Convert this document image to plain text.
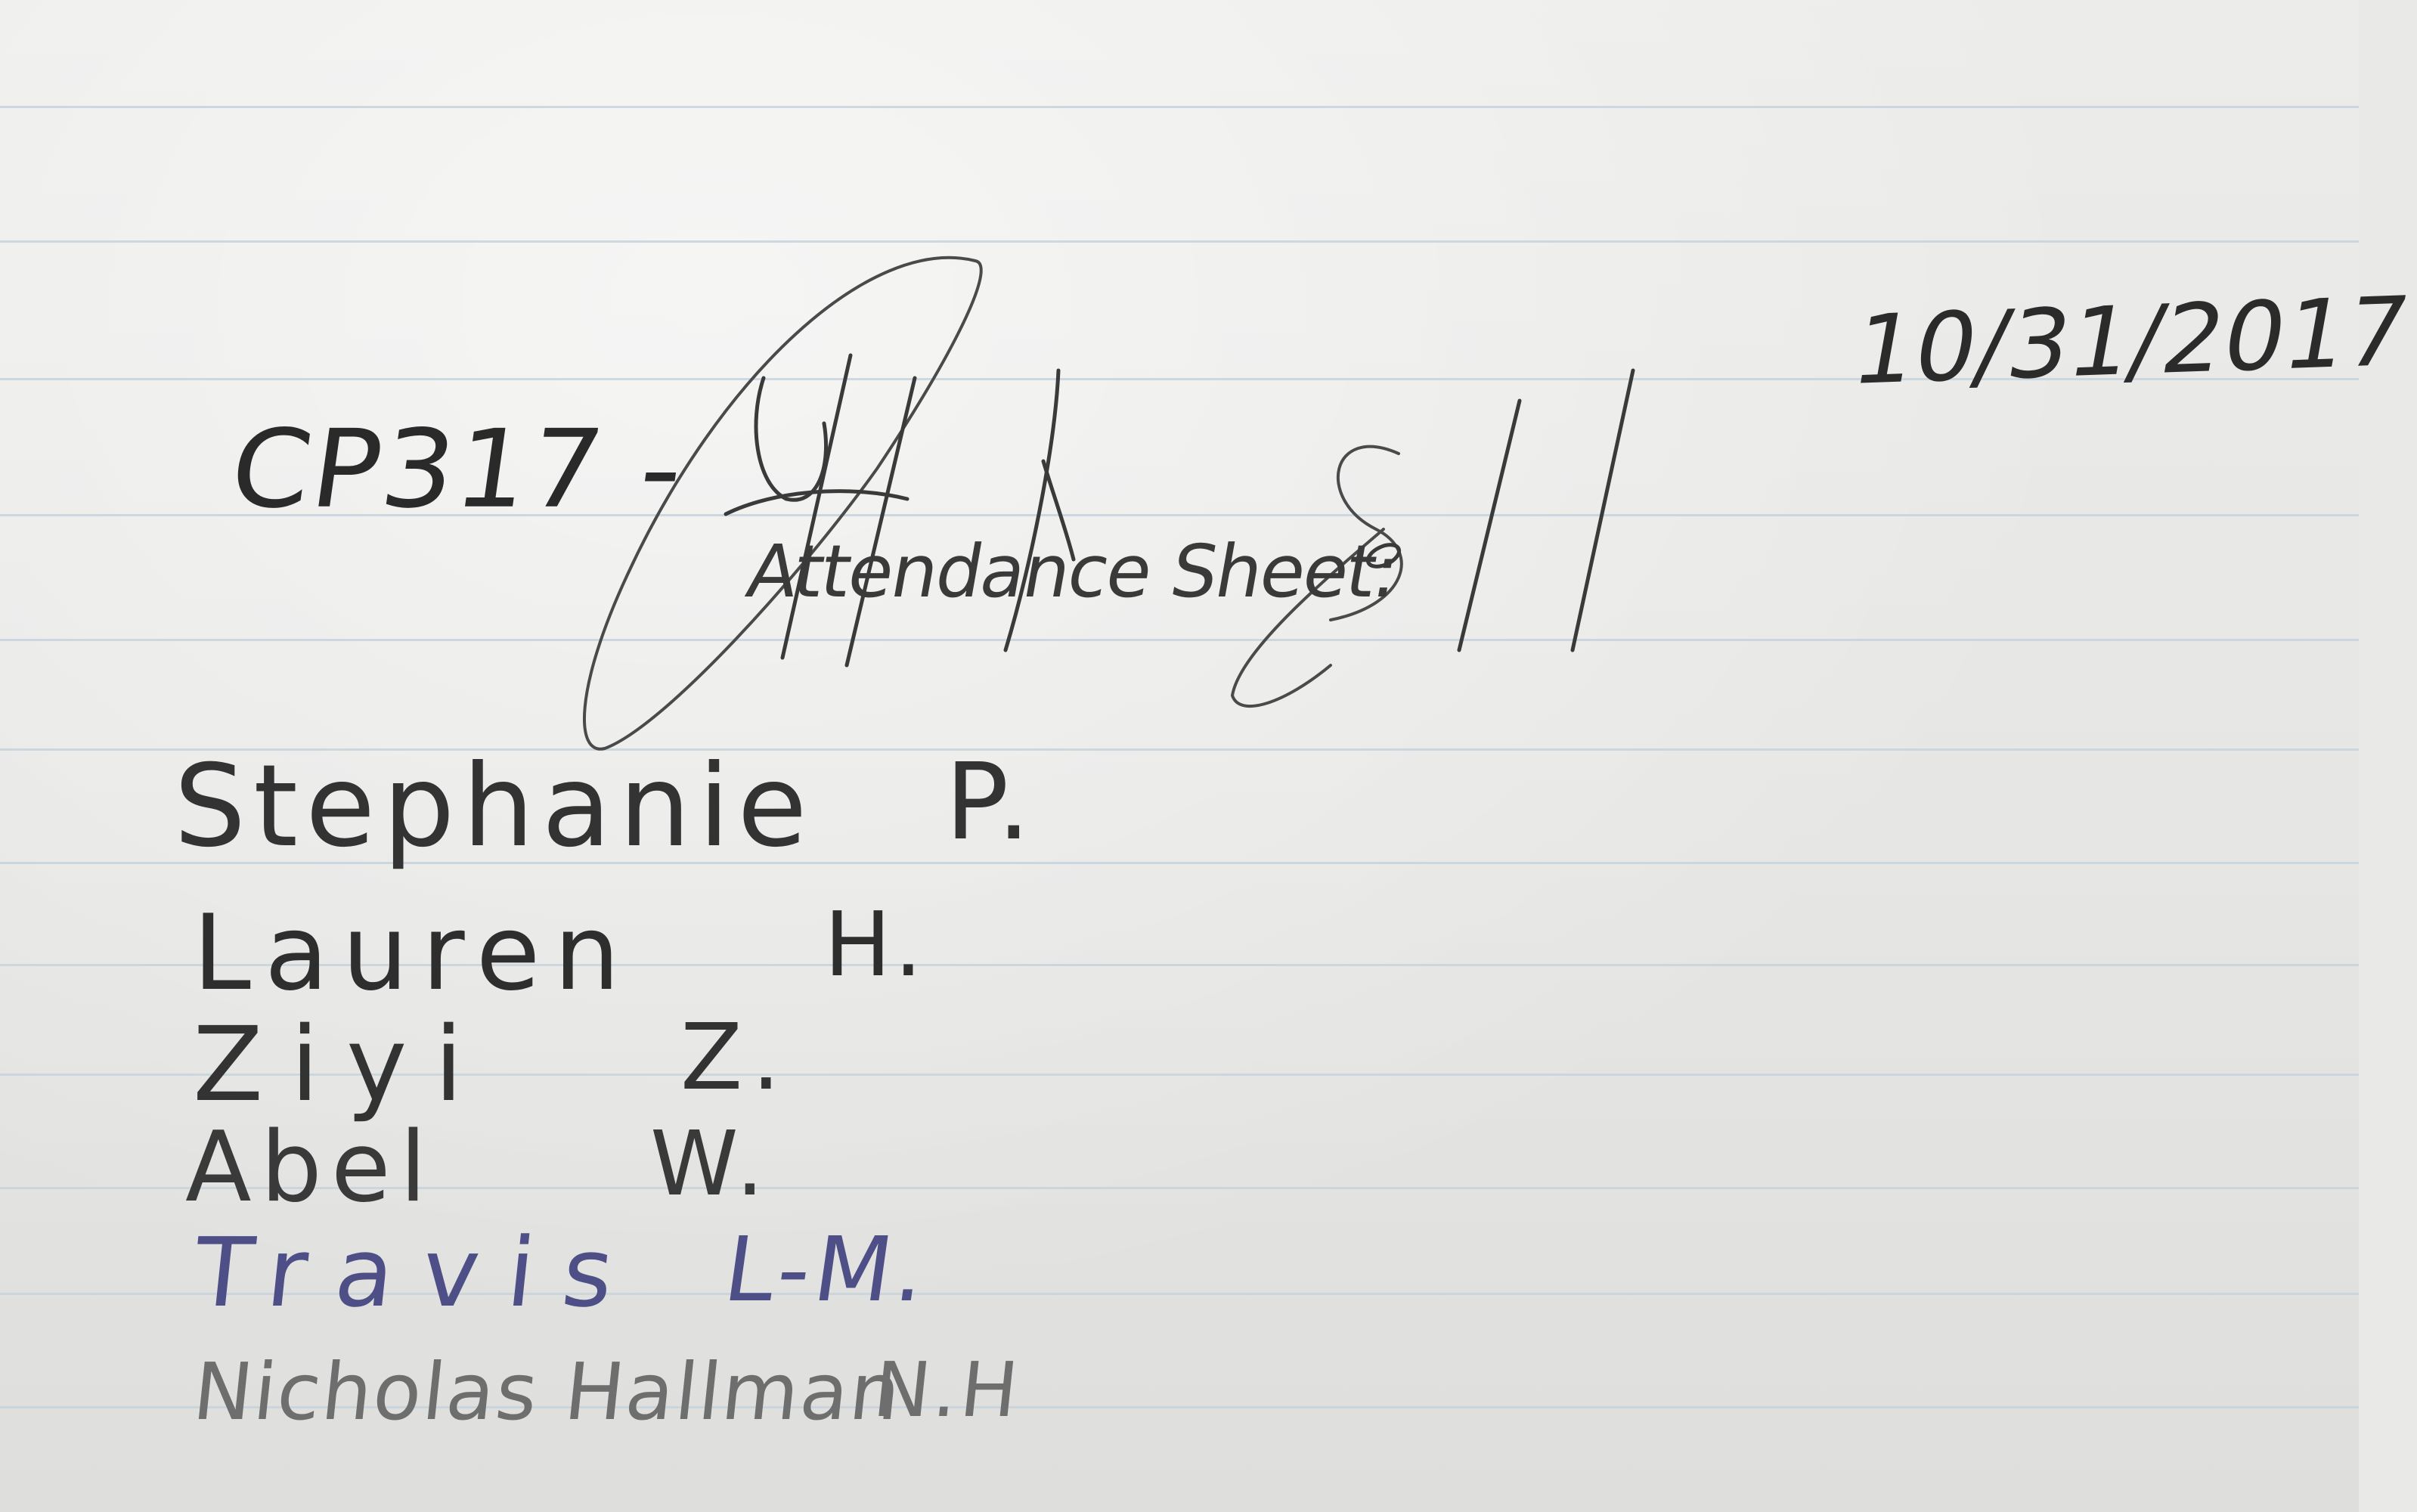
CP317 -
Attendance Sheet:
10/31/2017
Stephanie P.
Lauren H.
Ziyi Z.
Abel W.
Travis L-M.
Nicholas Hallman
N.H
